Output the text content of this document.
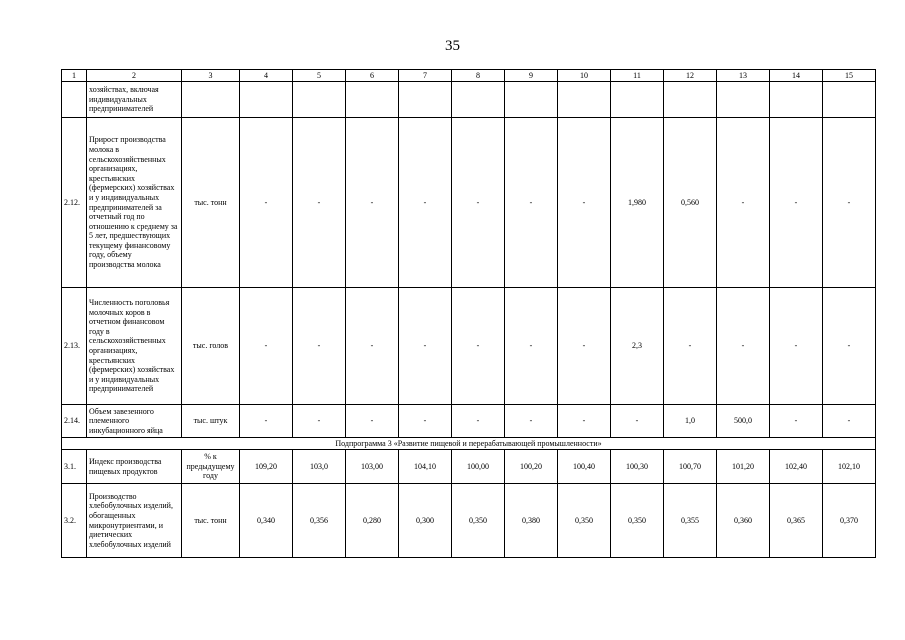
35
1	2	3	4	5	6	7	8	9	10	11	12	13	14	15
	хозяйствах, включая индивидуальных предпринимателей													
2.12.	Прирост производства молока в сельскохозяйственных организациях, крестьянских (фермерских) хозяйствах и у индивидуальных предпринимателей за отчетный год по отношению к среднему за 5 лет, предшествующих текущему финансовому году, объему производства молока	тыс. тонн	-	-	-	-	-	-	-	1,980	0,560	-	-	-
2.13.	Численность поголовья молочных коров в отчетном финансовом году в сельскохозяйственных организациях, крестьянских (фермерских) хозяйствах и у индивидуальных предпринимателей	тыс. голов	-	-	-	-	-	-	-	2,3	-	-	-	-
2.14.	Объем завезенного племенного инкубационного яйца	тыс. штук	-	-	-	-	-	-	-	-	1,0	500,0	-	-
Подпрограмма 3 «Развитие пищевой и перерабатывающей промышленности»														
3.1.	Индекс производства пищевых продуктов	% к предыдущему году	109,20	103,0	103,00	104,10	100,00	100,20	100,40	100,30	100,70	101,20	102,40	102,10
3.2.	Производство хлебобулочных изделий, обогащенных микронутриентами, и диетических хлебобулочных изделий	тыс. тонн	0,340	0,356	0,280	0,300	0,350	0,380	0,350	0,350	0,355	0,360	0,365	0,370
